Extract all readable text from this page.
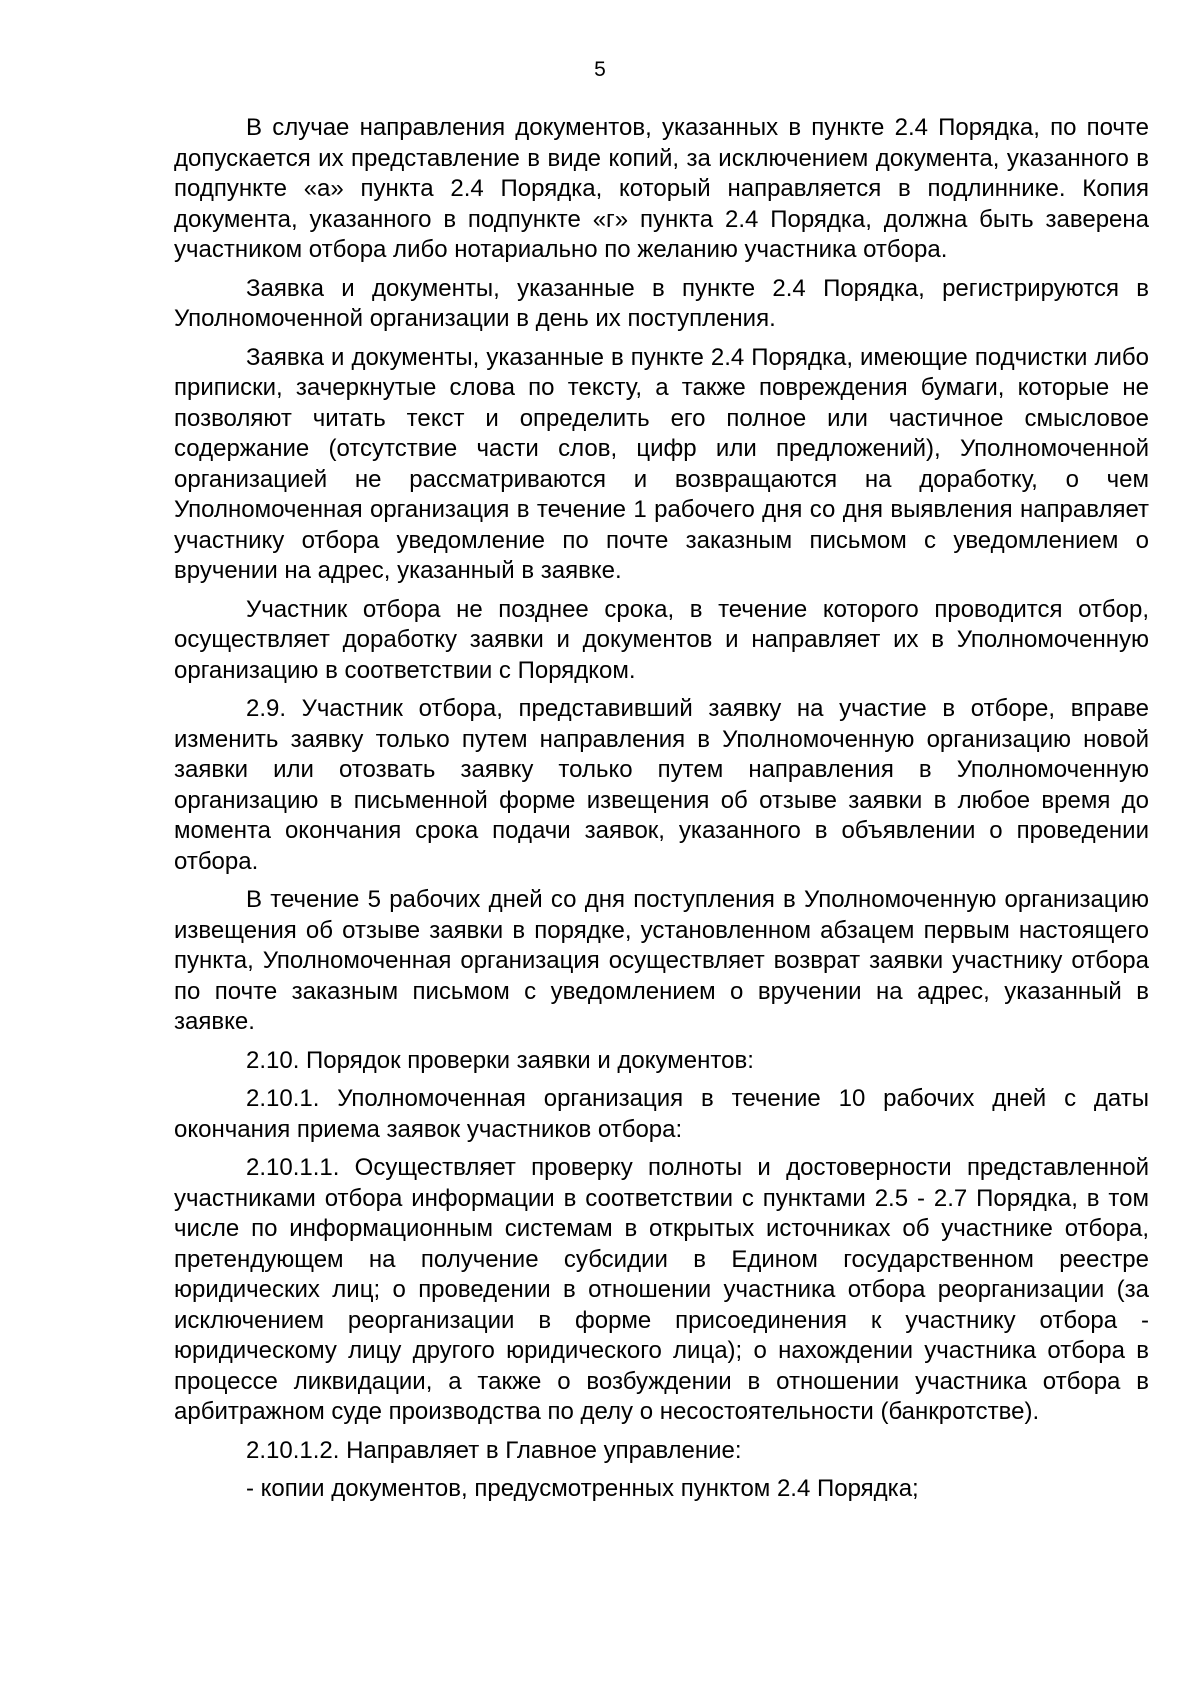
5

В случае направления документов, указанных в пункте 2.4 Порядка, по почте допускается их представление в виде копий, за исключением документа, указанного в подпункте «а» пункта 2.4 Порядка, который направляется в подлиннике. Копия документа, указанного в подпункте «г» пункта 2.4 Порядка, должна быть заверена участником отбора либо нотариально по желанию участника отбора.

Заявка и документы, указанные в пункте 2.4 Порядка, регистрируются в Уполномоченной организации в день их поступления.

Заявка и документы, указанные в пункте 2.4 Порядка, имеющие подчистки либо приписки, зачеркнутые слова по тексту, а также повреждения бумаги, которые не позволяют читать текст и определить его полное или частичное смысловое содержание (отсутствие части слов, цифр или предложений), Уполномоченной организацией не рассматриваются и возвращаются на доработку, о чем Уполномоченная организация в течение 1 рабочего дня со дня выявления направляет участнику отбора уведомление по почте заказным письмом с уведомлением о вручении на адрес, указанный в заявке.

Участник отбора не позднее срока, в течение которого проводится отбор, осуществляет доработку заявки и документов и направляет их в Уполномоченную организацию в соответствии с Порядком.

2.9. Участник отбора, представивший заявку на участие в отборе, вправе изменить заявку только путем направления в Уполномоченную организацию новой заявки или отозвать заявку только путем направления в Уполномоченную организацию в письменной форме извещения об отзыве заявки в любое время до момента окончания срока подачи заявок, указанного в объявлении о проведении отбора.

В течение 5 рабочих дней со дня поступления в Уполномоченную организацию извещения об отзыве заявки в порядке, установленном абзацем первым настоящего пункта, Уполномоченная организация осуществляет возврат заявки участнику отбора по почте заказным письмом с уведомлением о вручении на адрес, указанный в заявке.

2.10. Порядок проверки заявки и документов:

2.10.1. Уполномоченная организация в течение 10 рабочих дней с даты окончания приема заявок участников отбора:

2.10.1.1. Осуществляет проверку полноты и достоверности представленной участниками отбора информации в соответствии с пунктами 2.5 - 2.7 Порядка, в том числе по информационным системам в открытых источниках об участнике отбора, претендующем на получение субсидии в Едином государственном реестре юридических лиц; о проведении в отношении участника отбора реорганизации (за исключением реорганизации в форме присоединения к участнику отбора - юридическому лицу другого юридического лица); о нахождении участника отбора в процессе ликвидации, а также о возбуждении в отношении участника отбора в арбитражном суде производства по делу о несостоятельности (банкротстве).

2.10.1.2. Направляет в Главное управление:

- копии документов, предусмотренных пунктом 2.4 Порядка;
